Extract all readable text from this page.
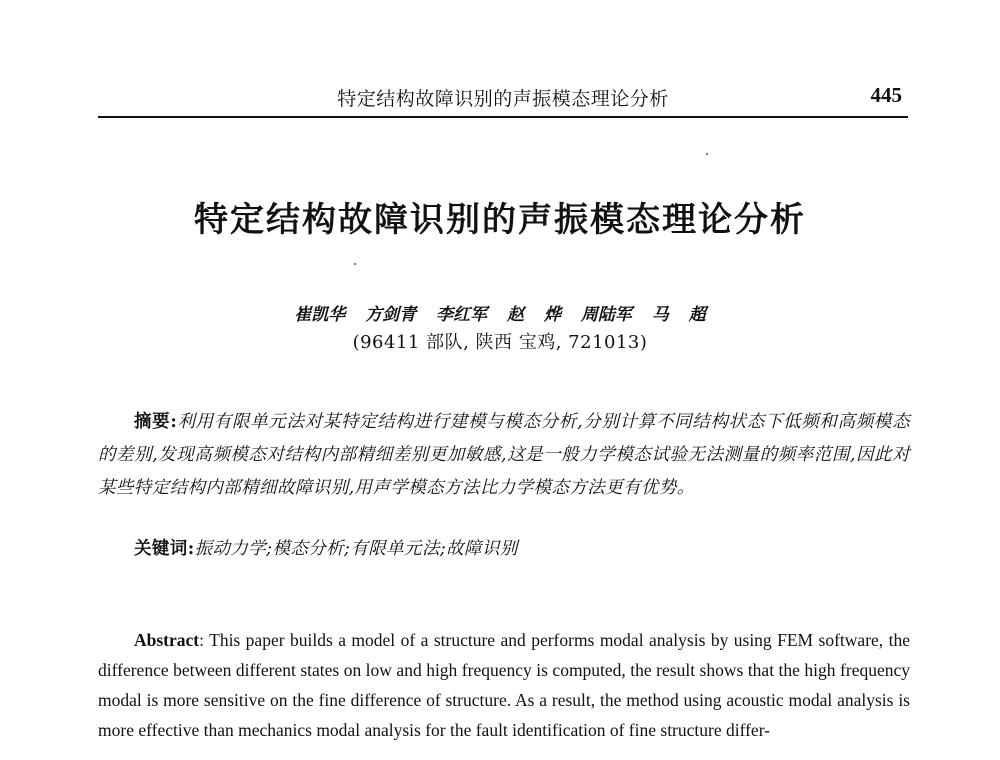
特定结构故障识别的声振模态理论分析	445
特定结构故障识别的声振模态理论分析
崔凯华 方剑青 李红军 赵 烨 周陆军 马 超
(96411 部队, 陕西 宝鸡, 721013)

摘要:利用有限单元法对某特定结构进行建模与模态分析,分别计算不同结构状态下低频和高频模态的差别,发现高频模态对结构内部精细差别更加敏感,这是一般力学模态试验无法测量的频率范围,因此对某些特定结构内部精细故障识别,用声学模态方法比力学模态方法更有优势。

关键词:振动力学;模态分析;有限单元法;故障识别

Abstract: This paper builds a model of a structure and performs modal analysis by using FEM software, the difference between different states on low and high frequency is computed, the result shows that the high frequency modal is more sensitive on the fine difference of structure. As a result, the method using acoustic modal analysis is more effective than mechanics modal analysis for the fault identification of fine structure differ-
